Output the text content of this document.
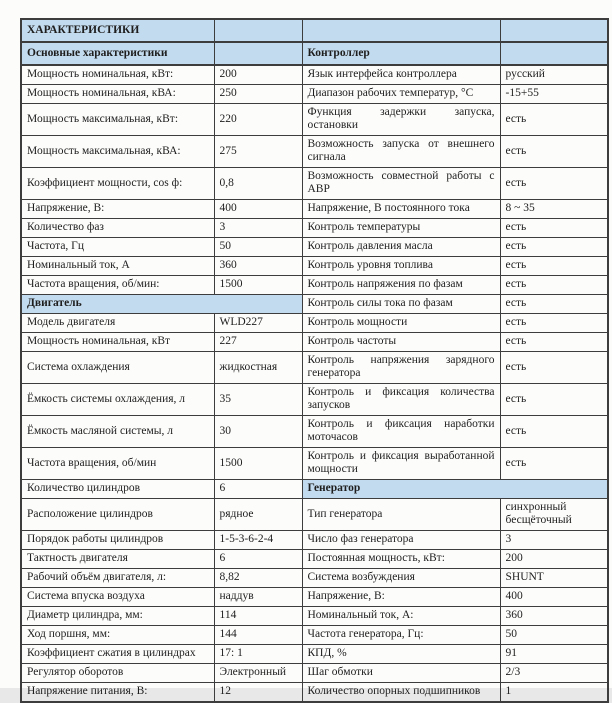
ХАРАКТЕРИСТИКИ			
Основные характеристики		Контроллер	
Мощность номинальная, кВт:	200	Язык интерфейса контроллера	русский
Мощность номинальная, кВА:	250	Диапазон рабочих температур, °С	-15+55
Мощность максимальная, кВт:	220	Функция задержки запуска, остановки	есть
Мощность максимальная, кВА:	275	Возможность запуска от внешнего сигнала	есть
Коэффициент мощности, cos ф:	0,8	Возможность совместной работы с АВР	есть
Напряжение, В:	400	Напряжение, В постоянного тока	8 ~ 35
Количество фаз	3	Контроль температуры	есть
Частота, Гц	50	Контроль давления масла	есть
Номинальный ток, А	360	Контроль уровня топлива	есть
Частота вращения, об/мин:	1500	Контроль напряжения по фазам	есть
Двигатель		Контроль силы тока по фазам	есть
Модель двигателя	WLD227	Контроль мощности	есть
Мощность номинальная, кВт	227	Контроль частоты	есть
Система охлаждения	жидкостная	Контроль напряжения зарядного генератора	есть
Ёмкость системы охлаждения, л	35	Контроль и фиксация количества запусков	есть
Ёмкость масляной системы, л	30	Контроль и фиксация наработки моточасов	есть
Частота вращения, об/мин	1500	Контроль и фиксация выработанной мощности	есть
Количество цилиндров	6	Генератор	
Расположение цилиндров	рядное	Тип генератора	синхронный бесщёточный
Порядок работы цилиндров	1-5-3-6-2-4	Число фаз генератора	3
Тактность двигателя	6	Постоянная мощность, кВт:	200
Рабочий объём двигателя, л:	8,82	Система возбуждения	SHUNT
Система впуска воздуха	наддув	Напряжение, В:	400
Диаметр цилиндра, мм:	114	Номинальный ток, А:	360
Ход поршня, мм:	144	Частота генератора, Гц:	50
Коэффициент сжатия в цилиндрах	17: 1	КПД, %	91
Регулятор оборотов	Электронный	Шаг обмотки	2/3
Напряжение питания, В:	12	Количество опорных подшипников	1
